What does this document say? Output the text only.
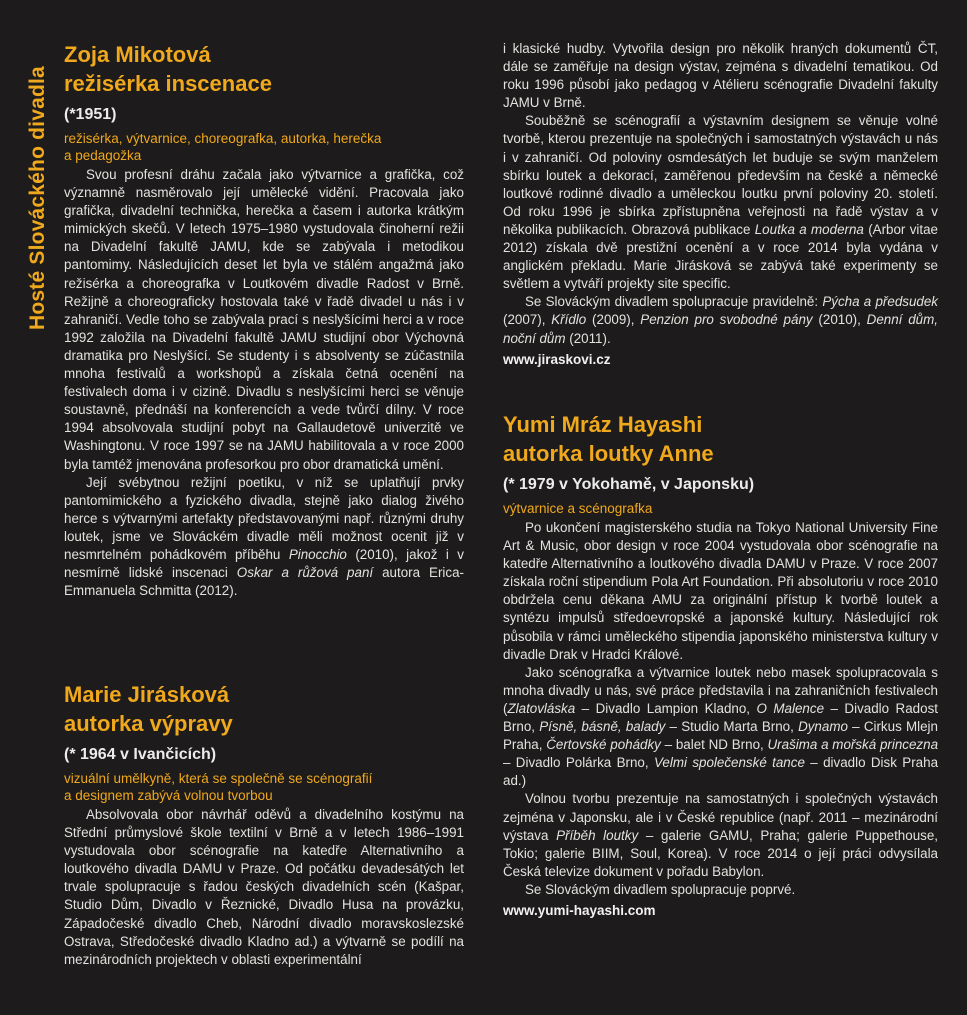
Hosté Slováckého divadla
Zoja Mikotová
režisérka inscenace
(*1951)
režisérka, výtvarnice, choreografka, autorka, herečka
a pedagožka

Svou profesní dráhu začala jako výtvarnice a grafička, což významně nasměrovalo její umělecké vidění. Pracovala jako grafička, divadelní technička, herečka a časem i autorka krátkým mimických skečů. V letech 1975–1980 vystudovala činoherní režii na Divadelní fakultě JAMU, kde se zabývala i metodikou pantomimy. Následujících deset let byla ve stálém angažmá jako režisérka a choreografka v Loutkovém divadle Radost v Brně. Režijně a choreograficky hostovala také v řadě divadel u nás i v zahraničí. Vedle toho se zabývala prací s neslyšícími herci a v roce 1992 založila na Divadelní fakultě JAMU studijní obor Výchovná dramatika pro Neslyšící. Se studenty i s absolventy se zúčastnila mnoha festivalů a workshopů a získala četná ocenění na festivalech doma i v cizině. Divadlu s neslyšícími herci se věnuje soustavně, přednáší na konferencích a vede tvůrčí dílny. V roce 1994 absolvovala studijní pobyt na Gallaudetově univerzitě ve Washingtonu. V roce 1997 se na JAMU habilitovala a v roce 2000 byla tamtéž jmenována profesorkou pro obor dramatická umění.

Její svébytnou režijní poetiku, v níž se uplatňují prvky pantomimického a fyzického divadla, stejně jako dialog živého herce s výtvarnými artefakty představovanými např. různými druhy loutek, jsme ve Slováckém divadle měli možnost ocenit již v nesmrtelném pohádkovém příběhu Pinocchio (2010), jakož i v nesmírně lidské inscenaci Oskar a růžová paní autora Erica-Emmanuela Schmitta (2012).

Marie Jirásková
autorka výpravy
(* 1964 v Ivančicích)
vizuální umělkyně, která se společně se scénografií
a designem zabývá volnou tvorbou

Absolvovala obor návrhář oděvů a divadelního kostýmu na Střední průmyslové škole textilní v Brně a v letech 1986–1991 vystudovala obor scénografie na katedře Alternativního a loutkového divadla DAMU v Praze. Od počátku devadesátých let trvale spolupracuje s řadou českých divadelních scén (Kašpar, Studio Dům, Divadlo v Řeznické, Divadlo Husa na provázku, Západočeské divadlo Cheb, Národní divadlo moravskoslezské Ostrava, Středočeské divadlo Kladno ad.) a výtvarně se podílí na mezinárodních projektech v oblasti experimentální

i klasické hudby. Vytvořila design pro několik hraných dokumentů ČT, dále se zaměřuje na design výstav, zejména s divadelní tematikou. Od roku 1996 působí jako pedagog v Atélieru scénografie Divadelní fakulty JAMU v Brně.

Souběžně se scénografií a výstavním designem se věnuje volné tvorbě, kterou prezentuje na společných i samostatných výstavách u nás i v zahraničí. Od poloviny osmdesátých let buduje se svým manželem sbírku loutek a dekorací, zaměřenou především na české a německé loutkové rodinné divadlo a uměleckou loutku první poloviny 20. století. Od roku 1996 je sbírka zpřístupněna veřejnosti na řadě výstav a v několika publikacích. Obrazová publikace Loutka a moderna (Arbor vitae 2012) získala dvě prestižní ocenění a v roce 2014 byla vydána v anglickém překladu. Marie Jirásková se zabývá také experimenty se světlem a vytváří projekty site specific.

Se Slováckým divadlem spolupracuje pravidelně: Pýcha a předsudek (2007), Křídlo (2009), Penzion pro svobodné pány (2010), Denní dům, noční dům (2011).

www.jiraskovi.cz
Yumi Mráz Hayashi
autorka loutky Anne
(* 1979 v Yokohamě, v Japonsku)
výtvarnice a scénografka

Po ukončení magisterského studia na Tokyo National University Fine Art & Music, obor design v roce 2004 vystudovala obor scénografie na katedře Alternativního a loutkového divadla DAMU v Praze. V roce 2007 získala roční stipendium Pola Art Foundation. Při absolutoriu v roce 2010 obdržela cenu děkana AMU za originální přístup k tvorbě loutek a syntézu impulsů středoevropské a japonské kultury. Následující rok působila v rámci uměleckého stipendia japonského ministerstva kultury v divadle Drak v Hradci Králové.

Jako scénografka a výtvarnice loutek nebo masek spolupracovala s mnoha divadly u nás, své práce představila i na zahraničních festivalech (Zlatovláska – Divadlo Lampion Kladno, O Malence – Divadlo Radost Brno, Písně, básně, balady – Studio Marta Brno, Dynamo – Cirkus Mlejn Praha, Čertovské pohádky – balet ND Brno, Urašima a mořská princezna – Divadlo Polárka Brno, Velmi společenské tance – divadlo Disk Praha ad.)

Volnou tvorbu prezentuje na samostatných i společných výstavách zejména v Japonsku, ale i v České republice (např. 2011 – mezinárodní výstava Příběh loutky – galerie GAMU, Praha; galerie Puppethouse, Tokio; galerie BIIM, Soul, Korea). V roce 2014 o její práci odvysílala Česká televize dokument v pořadu Babylon.

Se Slováckým divadlem spolupracuje poprvé.

www.yumi-hayashi.com
